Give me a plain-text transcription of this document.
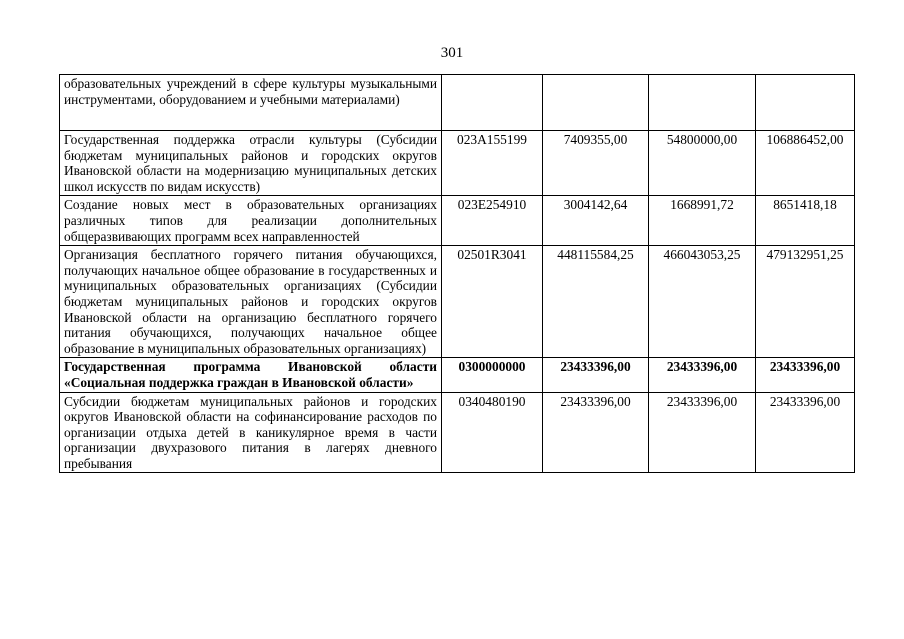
301
образовательных учреждений в сфере культуры музыкальными инструментами, оборудованием и учебными материалами)				
Государственная поддержка отрасли культуры (Субсидии бюджетам муниципальных районов и городских округов Ивановской области на модернизацию муниципальных детских школ искусств по видам искусств)	023А155199	7409355,00	54800000,00	106886452,00
Создание новых мест в образовательных организациях различных типов для реализации дополнительных общеразвивающих программ всех направленностей	023Е254910	3004142,64	1668991,72	8651418,18
Организация бесплатного горячего питания обучающихся, получающих начальное общее образование в государственных и муниципальных образовательных организациях (Субсидии бюджетам муниципальных районов и городских округов Ивановской области на организацию бесплатного горячего питания обучающихся, получающих начальное общее образование в муниципальных образовательных организациях)	02501R3041	448115584,25	466043053,25	479132951,25
Государственная программа Ивановской области «Социальная поддержка граждан в Ивановской области»	0300000000	23433396,00	23433396,00	23433396,00
Субсидии бюджетам муниципальных районов и городских округов Ивановской области на софинансирование расходов по организации отдыха детей в каникулярное время в части организации двухразового питания в лагерях дневного пребывания	0340480190	23433396,00	23433396,00	23433396,00
